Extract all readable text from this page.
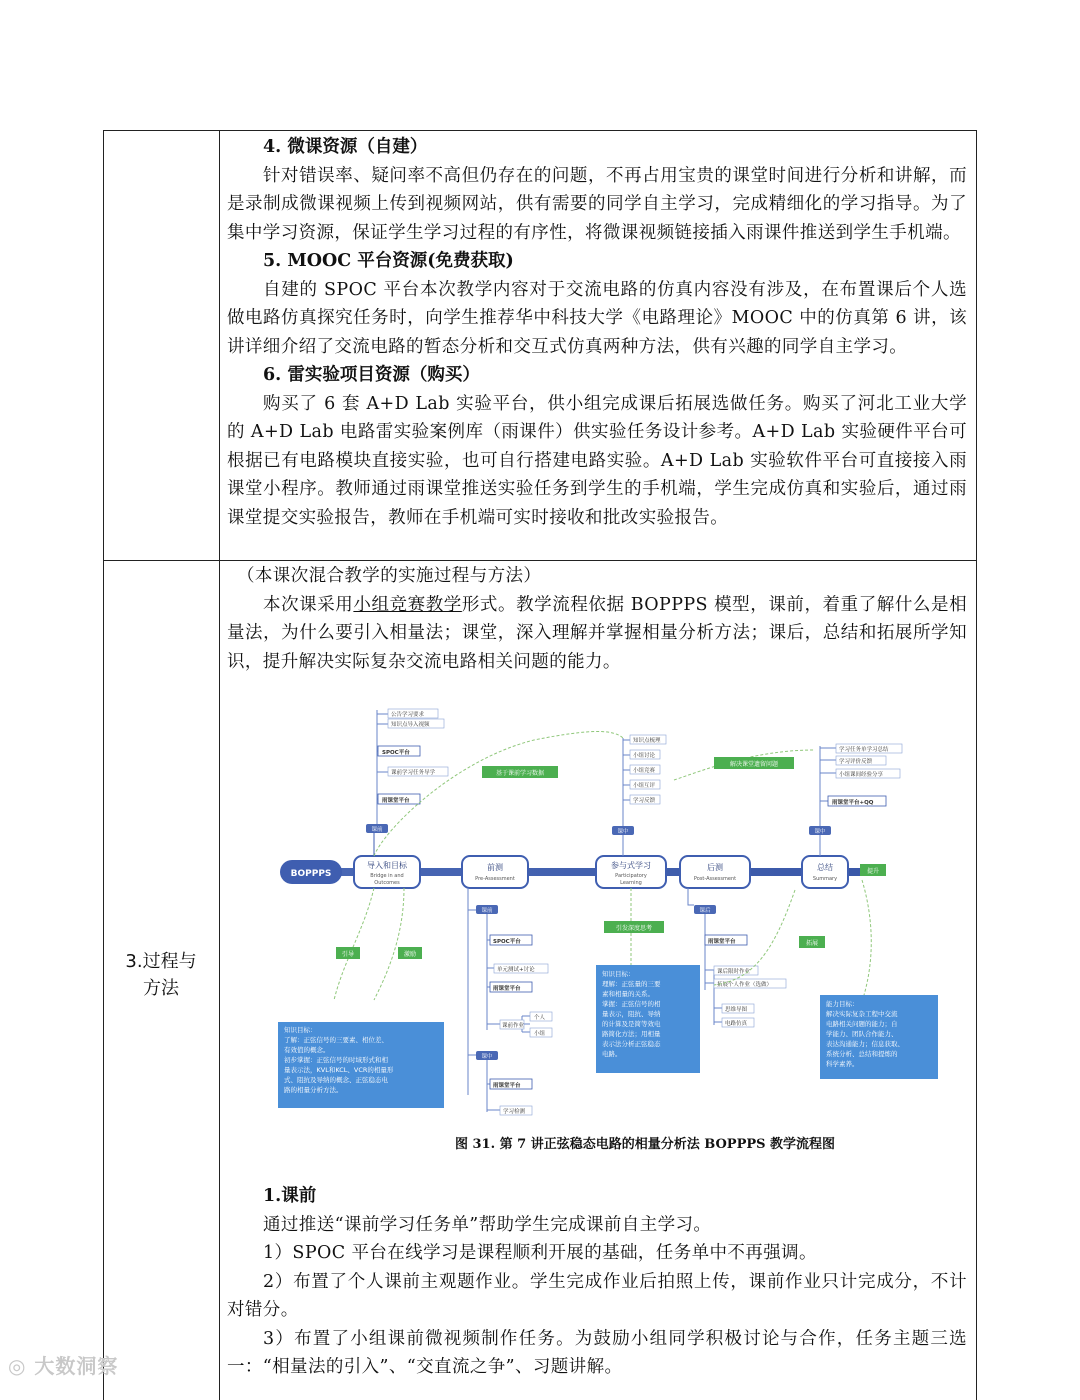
4. 微课资源（自建）

针对错误率、疑问率不高但仍存在的问题，不再占用宝贵的课堂时间进行分析和讲解，而是录制成微课视频上传到视频网站，供有需要的同学自主学习，完成精细化的学习指导。为了集中学习资源，保证学生学习过程的有序性，将微课视频链接插入雨课件推送到学生手机端。

5. MOOC 平台资源(免费获取)

自建的 SPOC 平台本次教学内容对于交流电路的仿真内容没有涉及，在布置课后个人选做电路仿真探究任务时，向学生推荐华中科技大学《电路理论》MOOC 中的仿真第 6 讲，该讲详细介绍了交流电路的暂态分析和交互式仿真两种方法，供有兴趣的同学自主学习。

6. 雷实验项目资源（购买）

购买了 6 套 A+D Lab 实验平台，供小组完成课后拓展选做任务。购买了河北工业大学的 A+D Lab 电路雷实验案例库（雨课件）供实验任务设计参考。A+D Lab 实验硬件平台可根据已有电路模块直接实验，也可自行搭建电路实验。A+D Lab 实验软件平台可直接接入雨课堂小程序。教师通过雨课堂推送实验任务到学生的手机端，学生完成仿真和实验后，通过雨课堂提交实验报告，教师在手机端可实时接收和批改实验报告。

3.过程与
方法

（本课次混合教学的实施过程与方法）

本次课采用小组竞赛教学形式。教学流程依据 BOPPPS 模型，课前，着重了解什么是相量法，为什么要引入相量法；课堂，深入理解并掌握相量分析方法；课后，总结和拓展所学知识，提升解决实际复杂交流电路相关问题的能力。

1.课前

通过推送“课前学习任务单”帮助学生完成课前自主学习。

1）SPOC 平台在线学习是课程顺利开展的基础，任务单中不再强调。

2）布置了个人课前主观题作业。学生完成作业后拍照上传，课前作业只计完成分，不计对错分。

3）布置了小组课前微视频制作任务。为鼓励小组同学积极讨论与合作，任务主题三选一：“相量法的引入”、“交直流之争”、习题讲解。

BOPPPS
导入和目标
Bridge in and
Outcomes
前测
Pre-Assessment
参与式学习
Participatory
Learning
后测
Post-Assessment
总结
Summary
课前
公告学习要求
知识点导入视频
SPOC平台
课前学习任务导学
雨课堂平台
课中
知识点梳理
小组讨论
小组竞赛
小组互评
学习反馈
课中
学习任务单学习总结
学习评价反馈
小组课间经验分享
雨课堂平台+QQ
课前
SPOC平台
单元测试+讨论
雨课堂平台
课前作业
个人
小组
课中
雨课堂平台
学习检测
课后
雨课堂平台
课后限时作业
拓展个人作业（选做）
思维导图
电路仿真
基于课前学习数据
解决课堂遗留问题
引导	激励
引发深度思考
拓展
提升
知识目标：
了解：正弦信号的三要素、相位差、
有效值的概念。
初步掌握：正弦信号的时域形式和相
量表示法，KVL和KCL、VCR的相量形
式、阻抗及导纳的概念、正弦稳态电
路的相量分析方法。
知识目标：
理解：正弦量的三要
素和相量的关系。
掌握：正弦信号的相
量表示，阻抗、导纳
的计算及是简等效电
路简化方法；用相量
表示法分析正弦稳态
电路。
能力目标：
解决实际复杂工程中交流
电路相关问题的能力；自
学能力、团队合作能力、
表达沟通能力；信息获取、
系统分析、总结和提炼的
科学素养。
图 31. 第 7 讲正弦稳态电路的相量分析法 BOPPPS 教学流程图
◎ 大数洞察
